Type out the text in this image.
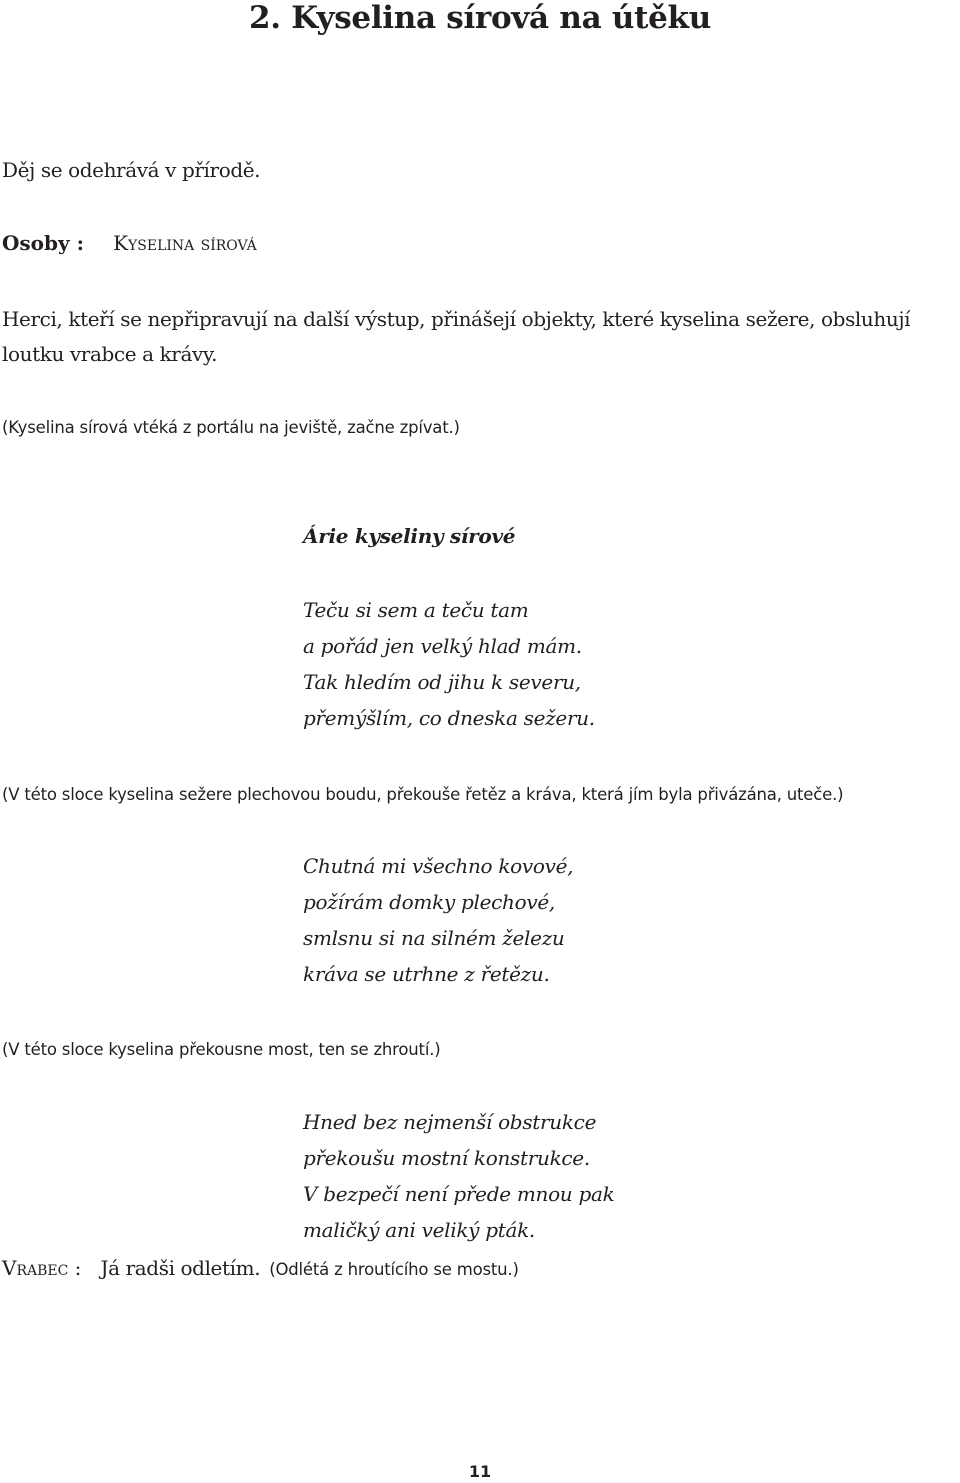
2. Kyselina sírová na útěku
Děj se odehrává v přírodě.
Osoby : Kyselina sírová
Herci, kteří se nepřipravují na další výstup, přinášejí objekty, které kyselina sežere, obsluhují loutku vrabce a krávy.
(Kyselina sírová vtéká z portálu na jeviště, začne zpívat.)
Árie kyseliny sírové
Teču si sem a teču tam
a pořád jen velký hlad mám.
Tak hledím od jihu k severu,
přemýšlím, co dneska sežeru.
(V této sloce kyselina sežere plechovou boudu, překouše řetěz a kráva, která jím byla přivázána, uteče.)
Chutná mi všechno kovové,
požírám domky plechové,
smlsnu si na silném železu
kráva se utrhne z řetězu.
(V této sloce kyselina překousne most, ten se zhroutí.)
Hned bez nejmenší obstrukce
překoušu mostní konstrukce.
V bezpečí není přede mnou pak
maličký ani veliký pták.
Vrabec : Já radši odletím. (Odlétá z hroutícího se mostu.)
11
